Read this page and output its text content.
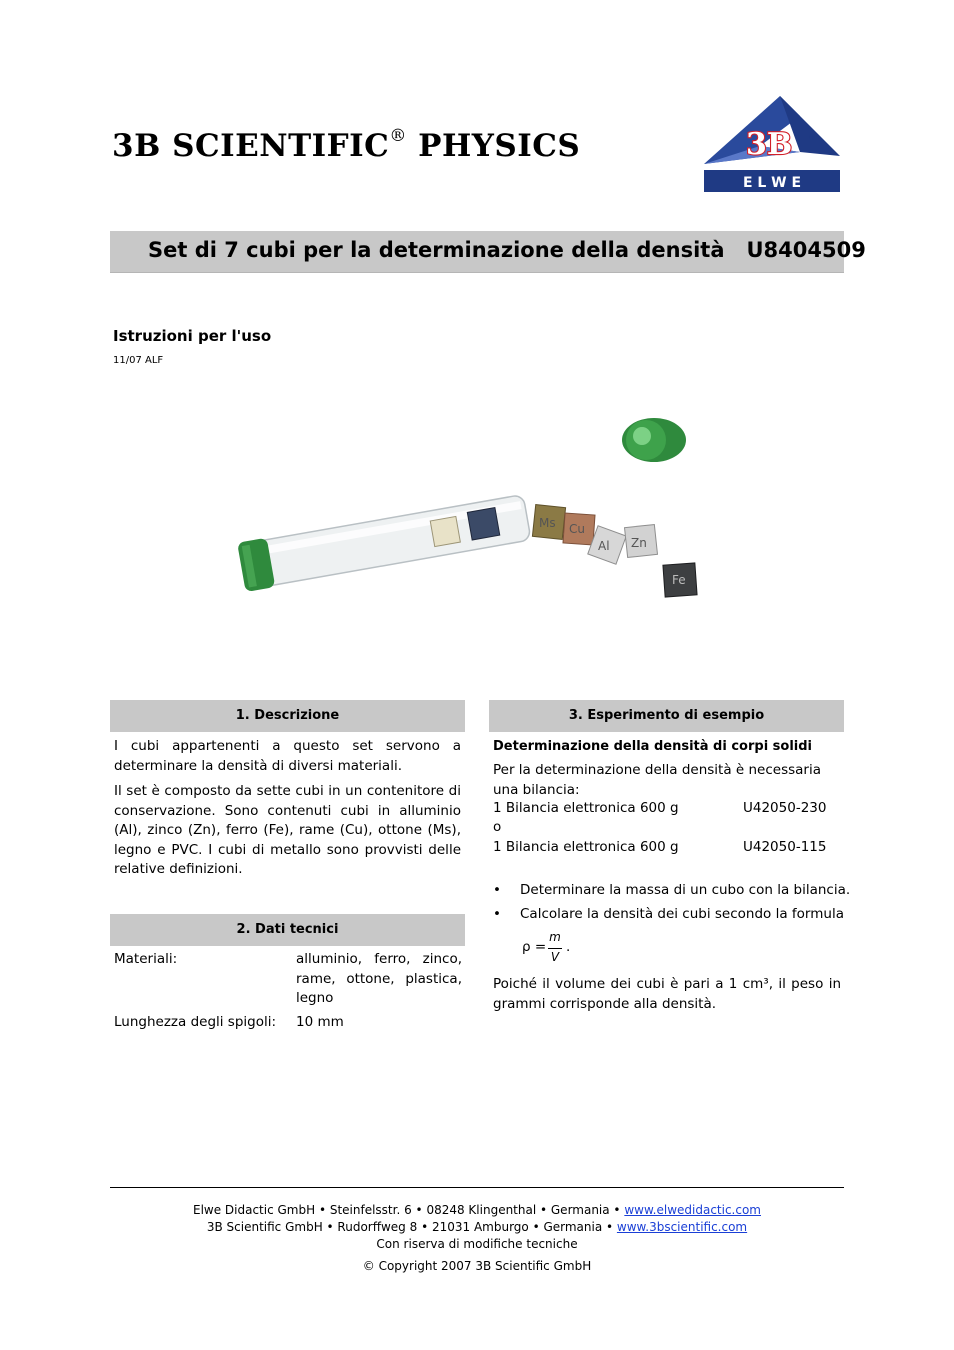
3B SCIENTIFIC® PHYSICS	3B ®
E L W E
Set di 7 cubi per la determinazione della densità U8404509
Istruzioni per l'uso
11/07 ALF
Ms Cu
Al Zn
Fe
1. Descrizione

I cubi appartenenti a questo set servono a determinare la densità di diversi materiali.

Il set è composto da sette cubi in un contenitore di conservazione. Sono contenuti cubi in alluminio (Al), zinco (Zn), ferro (Fe), rame (Cu), ottone (Ms), legno e PVC. I cubi di metallo sono provvisti delle relative definizioni.

2. Dati tecnici
Materiali:	alluminio, ferro, zinco, rame, ottone, plastica, legno
Lunghezza degli spigoli: 10 mm
3. Esperimento di esempio
Determinazione della densità di corpi solidi
Per la determinazione della densità è necessaria una bilancia:
1 Bilancia elettronica 600 g	U42050-230
o
1 Bilancia elettronica 600 g	U42050-115
• Determinare la massa di un cubo con la bilancia.
• Calcolare la densità dei cubi secondo la formula
ρ =
m
V
.
Poiché il volume dei cubi è pari a 1 cm³, il peso in grammi corrisponde alla densità.
Elwe Didactic GmbH • Steinfelsstr. 6 • 08248 Klingenthal • Germania • www.elwedidactic.com
3B Scientific GmbH • Rudorffweg 8 • 21031 Amburgo • Germania • www.3bscientific.com
Con riserva di modifiche tecniche
© Copyright 2007 3B Scientific GmbH
